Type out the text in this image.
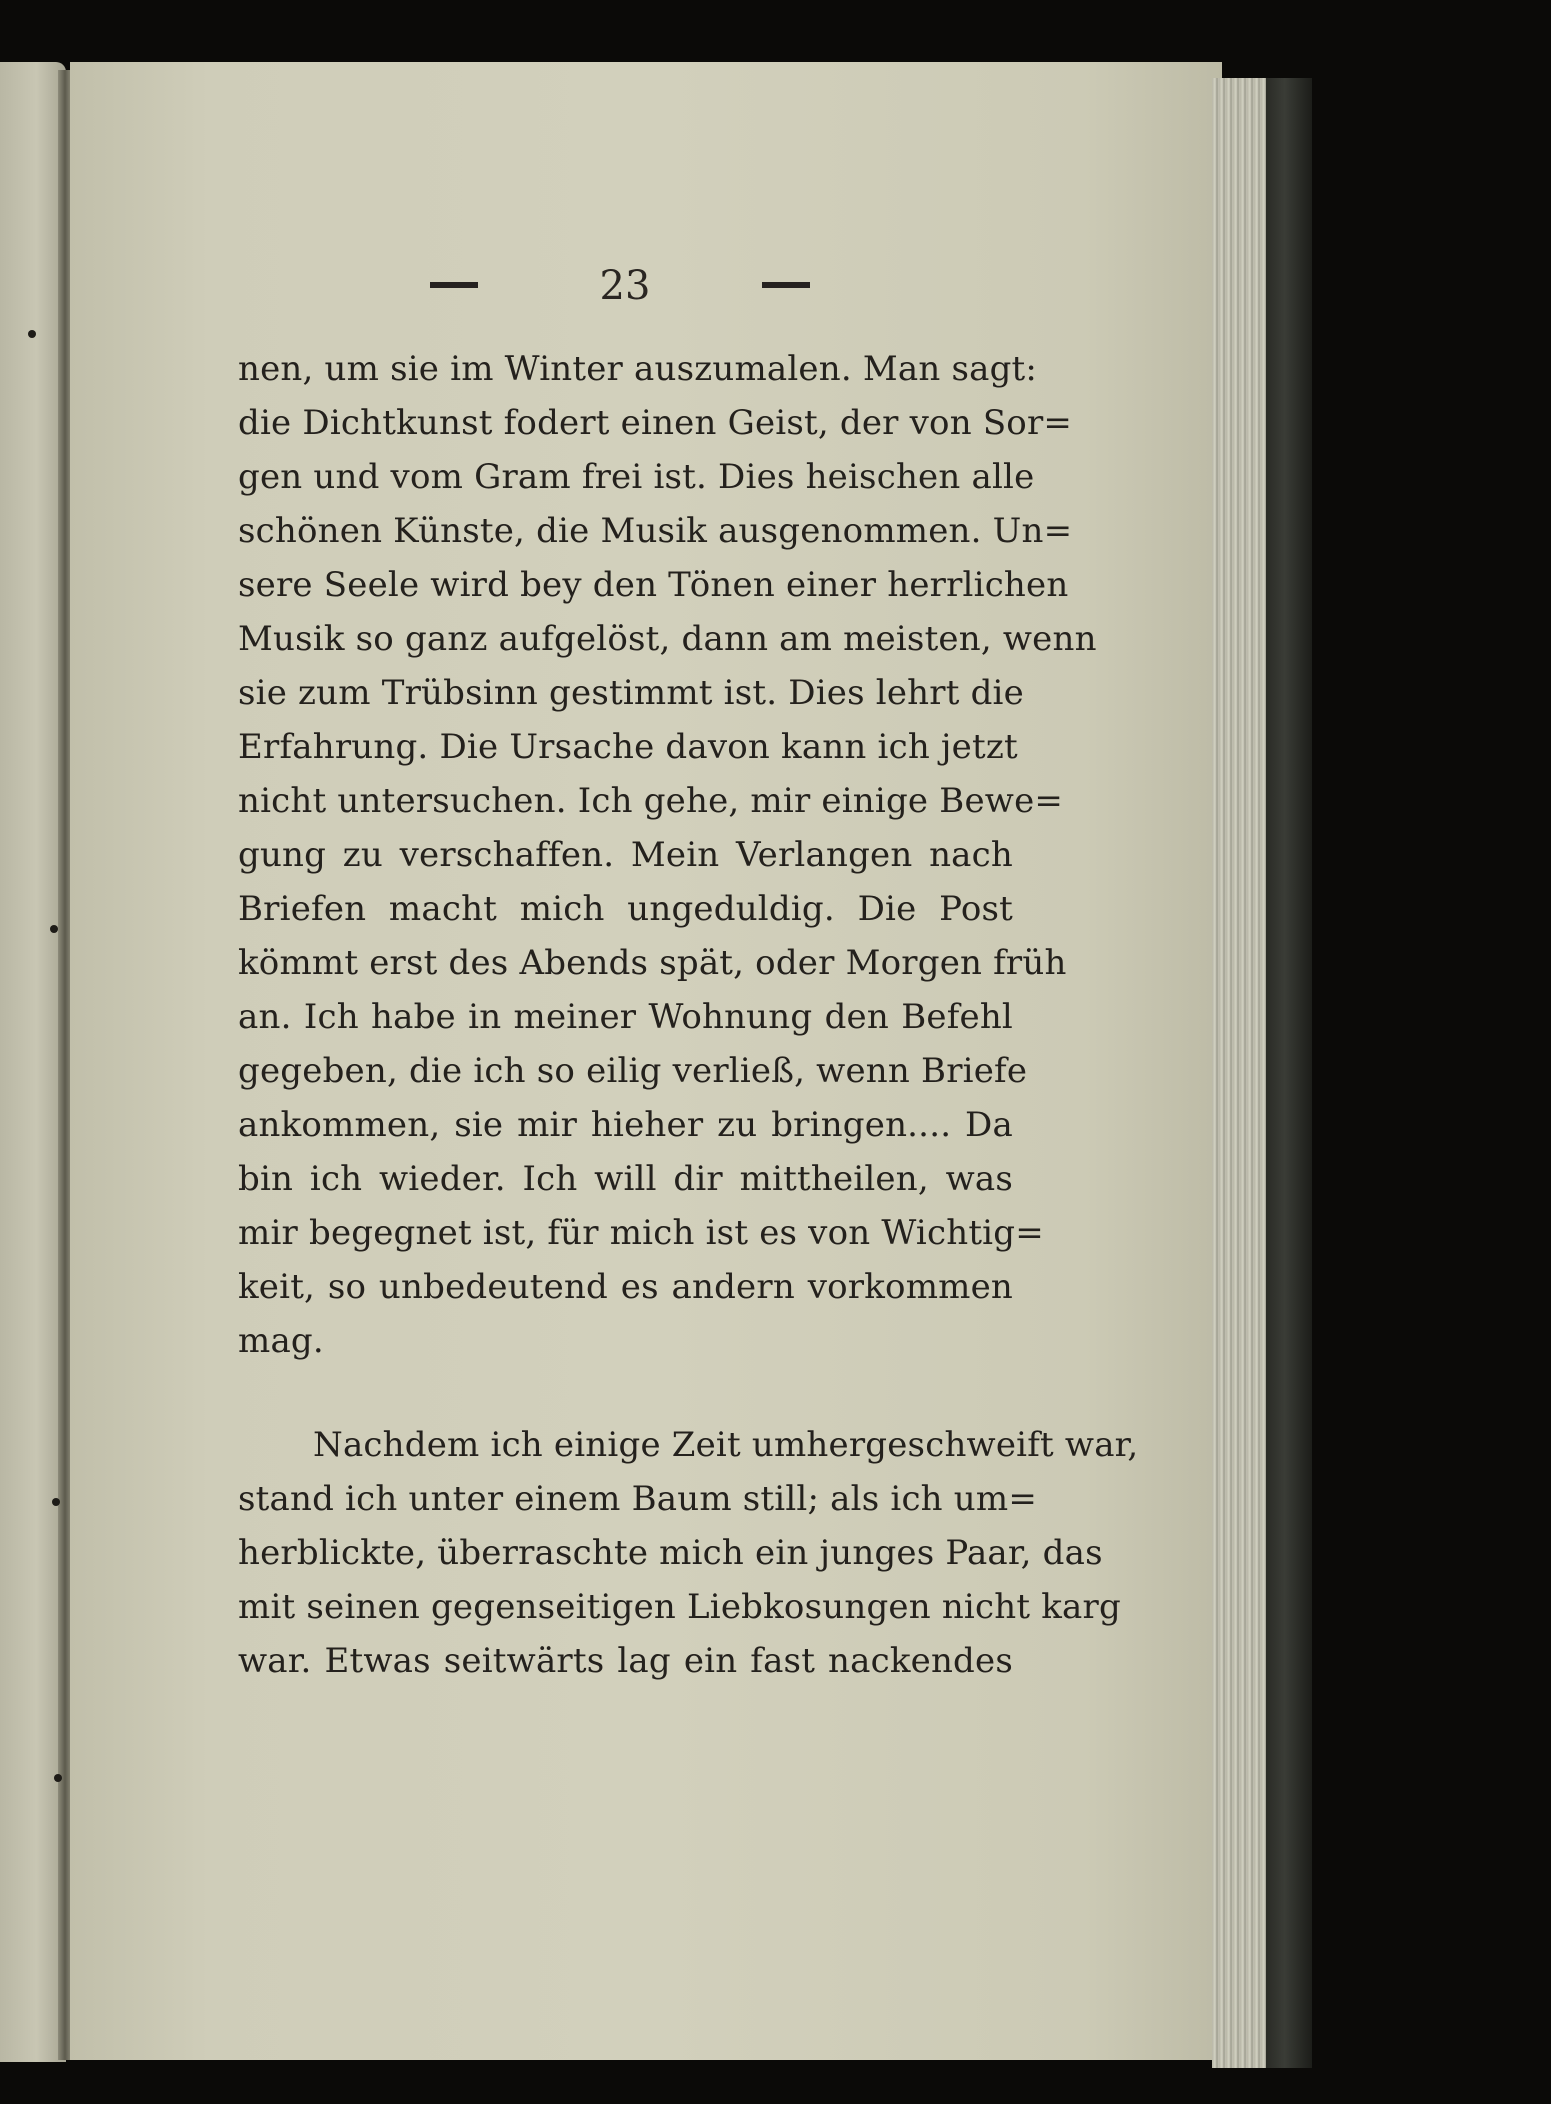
23
nen, um sie im Winter auszumalen. Man sagt:
die Dichtkunst fodert einen Geist, der von Sor=
gen und vom Gram frei ist. Dies heischen alle
schönen Künste, die Musik ausgenommen. Un=
sere Seele wird bey den Tönen einer herrlichen
Musik so ganz aufgelöst, dann am meisten, wenn
sie zum Trübsinn gestimmt ist. Dies lehrt die
Erfahrung. Die Ursache davon kann ich jetzt
nicht untersuchen. Ich gehe, mir einige Bewe=
gung zu verschaffen. Mein Verlangen nach
Briefen macht mich ungeduldig. Die Post
kömmt erst des Abends spät, oder Morgen früh
an. Ich habe in meiner Wohnung den Befehl
gegeben, die ich so eilig verließ, wenn Briefe
ankommen, sie mir hieher zu bringen.... Da
bin ich wieder. Ich will dir mittheilen, was
mir begegnet ist, für mich ist es von Wichtig=
keit, so unbedeutend es andern vorkommen
mag.
Nachdem ich einige Zeit umhergeschweift war,
stand ich unter einem Baum still; als ich um=
herblickte, überraschte mich ein junges Paar, das
mit seinen gegenseitigen Liebkosungen nicht karg
war. Etwas seitwärts lag ein fast nackendes
